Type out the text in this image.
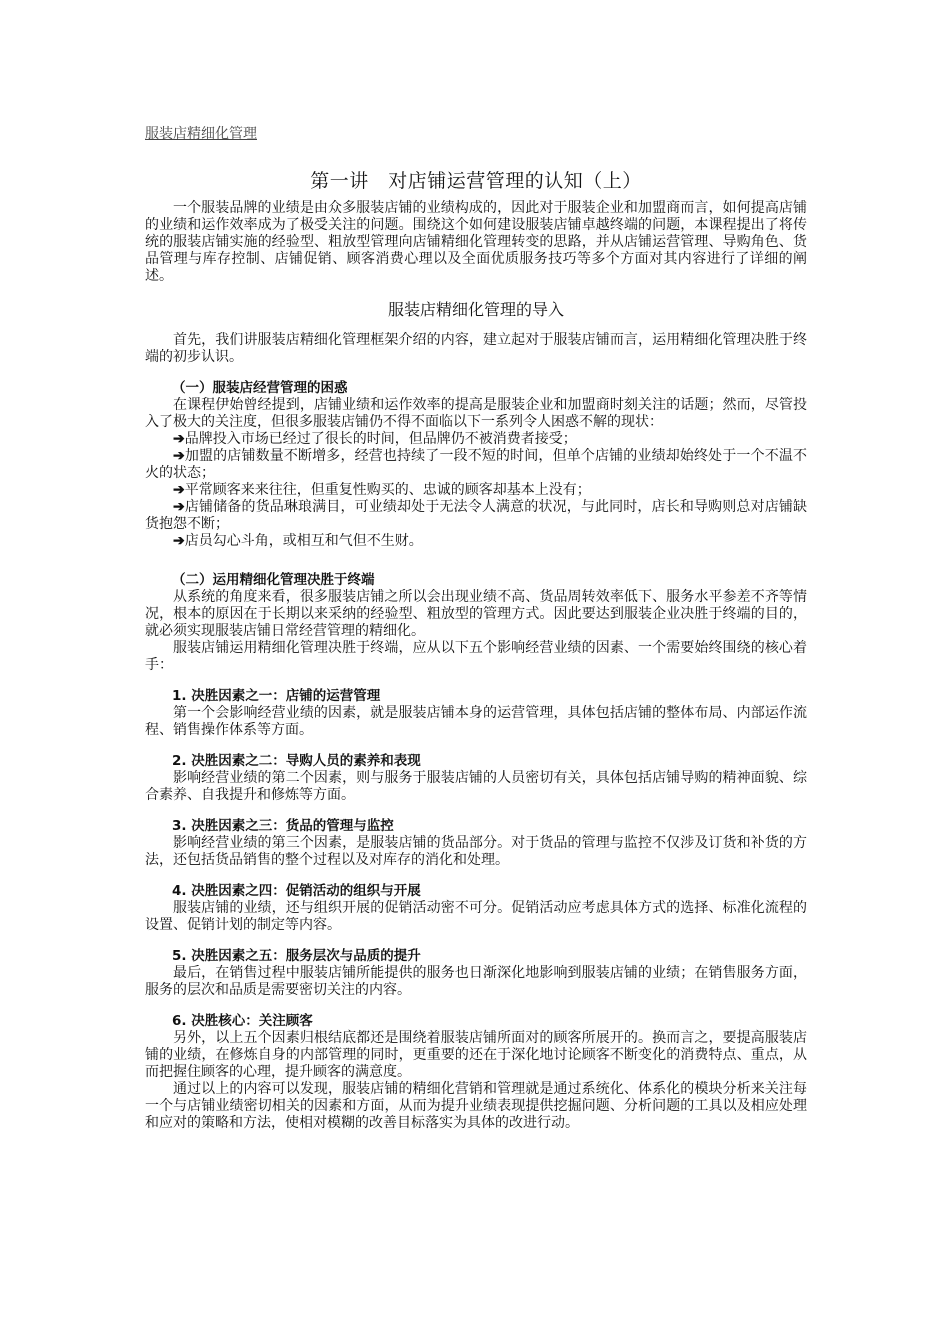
服装店精细化管理
第一讲　对店铺运营管理的认知（上）

一个服装品牌的业绩是由众多服装店铺的业绩构成的，因此对于服装企业和加盟商而言，如何提高店铺的业绩和运作效率成为了极受关注的问题。围绕这个如何建设服装店铺卓越终端的问题，本课程提出了将传统的服装店铺实施的经验型、粗放型管理向店铺精细化管理转变的思路，并从店铺运营管理、导购角色、货品管理与库存控制、店铺促销、顾客消费心理以及全面优质服务技巧等多个方面对其内容进行了详细的阐述。

服装店精细化管理的导入

首先，我们讲服装店精细化管理框架介绍的内容，建立起对于服装店铺而言，运用精细化管理决胜于终端的初步认识。

（一）服装店经营管理的困惑

在课程伊始曾经提到，店铺业绩和运作效率的提高是服装企业和加盟商时刻关注的话题；然而，尽管投入了极大的关注度，但很多服装店铺仍不得不面临以下一系列令人困惑不解的现状：

➔品牌投入市场已经过了很长的时间，但品牌仍不被消费者接受；

➔加盟的店铺数量不断增多，经营也持续了一段不短的时间，但单个店铺的业绩却始终处于一个不温不火的状态；

➔平常顾客来来往往，但重复性购买的、忠诚的顾客却基本上没有；

➔店铺储备的货品琳琅满目，可业绩却处于无法令人满意的状况，与此同时，店长和导购则总对店铺缺货抱怨不断；

➔店员勾心斗角，或相互和气但不生财。

（二）运用精细化管理决胜于终端

从系统的角度来看，很多服装店铺之所以会出现业绩不高、货品周转效率低下、服务水平参差不齐等情况，根本的原因在于长期以来采纳的经验型、粗放型的管理方式。因此要达到服装企业决胜于终端的目的，就必须实现服装店铺日常经营管理的精细化。

服装店铺运用精细化管理决胜于终端，应从以下五个影响经营业绩的因素、一个需要始终围绕的核心着手：

1. 决胜因素之一：店铺的运营管理

第一个会影响经营业绩的因素，就是服装店铺本身的运营管理，具体包括店铺的整体布局、内部运作流程、销售操作体系等方面。

2. 决胜因素之二：导购人员的素养和表现

影响经营业绩的第二个因素，则与服务于服装店铺的人员密切有关，具体包括店铺导购的精神面貌、综合素养、自我提升和修炼等方面。

3. 决胜因素之三：货品的管理与监控

影响经营业绩的第三个因素，是服装店铺的货品部分。对于货品的管理与监控不仅涉及订货和补货的方法，还包括货品销售的整个过程以及对库存的消化和处理。

4. 决胜因素之四：促销活动的组织与开展

服装店铺的业绩，还与组织开展的促销活动密不可分。促销活动应考虑具体方式的选择、标准化流程的设置、促销计划的制定等内容。

5. 决胜因素之五：服务层次与品质的提升

最后，在销售过程中服装店铺所能提供的服务也日渐深化地影响到服装店铺的业绩；在销售服务方面，服务的层次和品质是需要密切关注的内容。

6. 决胜核心：关注顾客

另外，以上五个因素归根结底都还是围绕着服装店铺所面对的顾客所展开的。换而言之，要提高服装店铺的业绩，在修炼自身的内部管理的同时，更重要的还在于深化地讨论顾客不断变化的消费特点、重点，从而把握住顾客的心理，提升顾客的满意度。

通过以上的内容可以发现，服装店铺的精细化营销和管理就是通过系统化、体系化的模块分析来关注每一个与店铺业绩密切相关的因素和方面，从而为提升业绩表现提供挖掘问题、分析问题的工具以及相应处理和应对的策略和方法，使相对模糊的改善目标落实为具体的改进行动。
